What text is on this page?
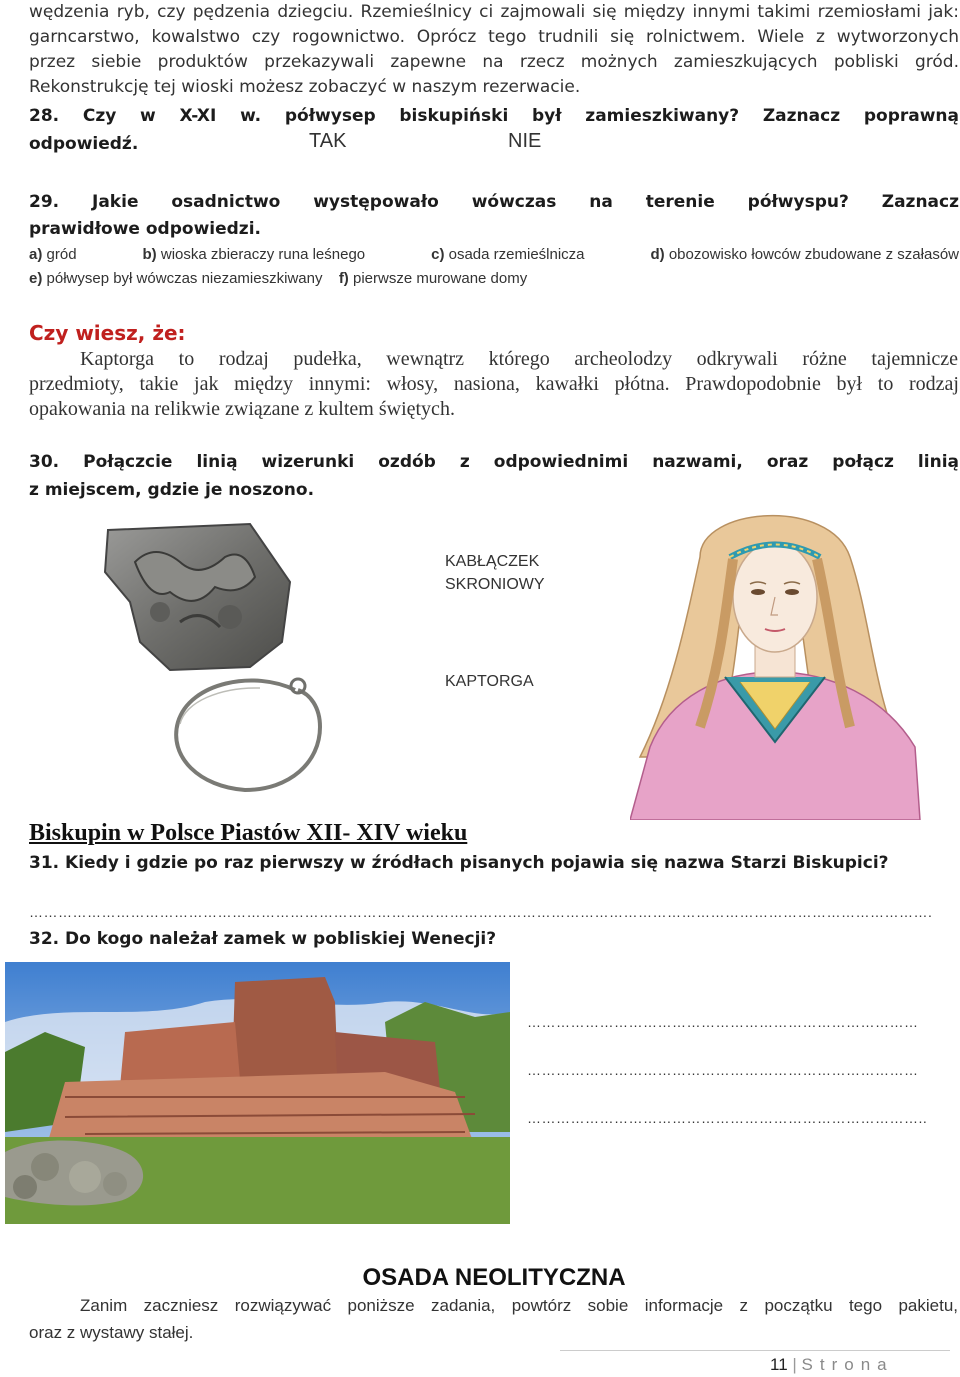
wędzenia ryb, czy pędzenia dziegciu. Rzemieślnicy ci zajmowali się między innymi takimi rzemiosłami jak:
garncarstwo, kowalstwo czy rogownictwo. Oprócz tego trudnili się rolnictwem. Wiele z wytworzonych
przez siebie produktów przekazywali zapewne na rzecz możnych zamieszkujących pobliski gród.
Rekonstrukcję tej wioski możesz zobaczyć w naszym rezerwacie.
28. Czy w X-XI w. półwysep biskupiński był zamieszkiwany? Zaznacz poprawną
odpowiedź.	TAK	NIE
29. Jakie osadnictwo występowało wówczas na terenie półwyspu? Zaznacz
prawidłowe odpowiedzi.
a) gród	b) wioska zbieraczy runa leśnego	c) osada rzemieślnicza	d) obozowisko łowców zbudowane z szałasów
e) półwysep był wówczas niezamieszkiwany f) pierwsze murowane domy
Czy wiesz, że:
Kaptorga to rodzaj pudełka, wewnątrz którego archeolodzy odkrywali różne tajemnicze
przedmioty, takie jak między innymi: włosy, nasiona, kawałki płótna. Prawdopodobnie był to rodzaj
opakowania na relikwie związane z kultem świętych.
30. Połączcie linią wizerunki ozdób z odpowiednimi nazwami, oraz połącz linią
z miejscem, gdzie je noszono.
KABŁĄCZEK
SKRONIOWY
KAPTORGA
Biskupin w Polsce Piastów XII- XIV wieku
31. Kiedy i gdzie po raz pierwszy w źródłach pisanych pojawia się nazwa Starzi Biskupici?
…………………………………………………………………………………………………………………………………………………………………….
32. Do kogo należał zamek w pobliskiej Wenecji?
………………………………………………………………………
………………………………………………………………………
………………………………………………………………………..
OSADA NEOLITYCZNA
Zanim zaczniesz rozwiązywać poniższe zadania, powtórz sobie informacje z początku tego pakietu,
oraz z wystawy stałej.
11 | Strona
